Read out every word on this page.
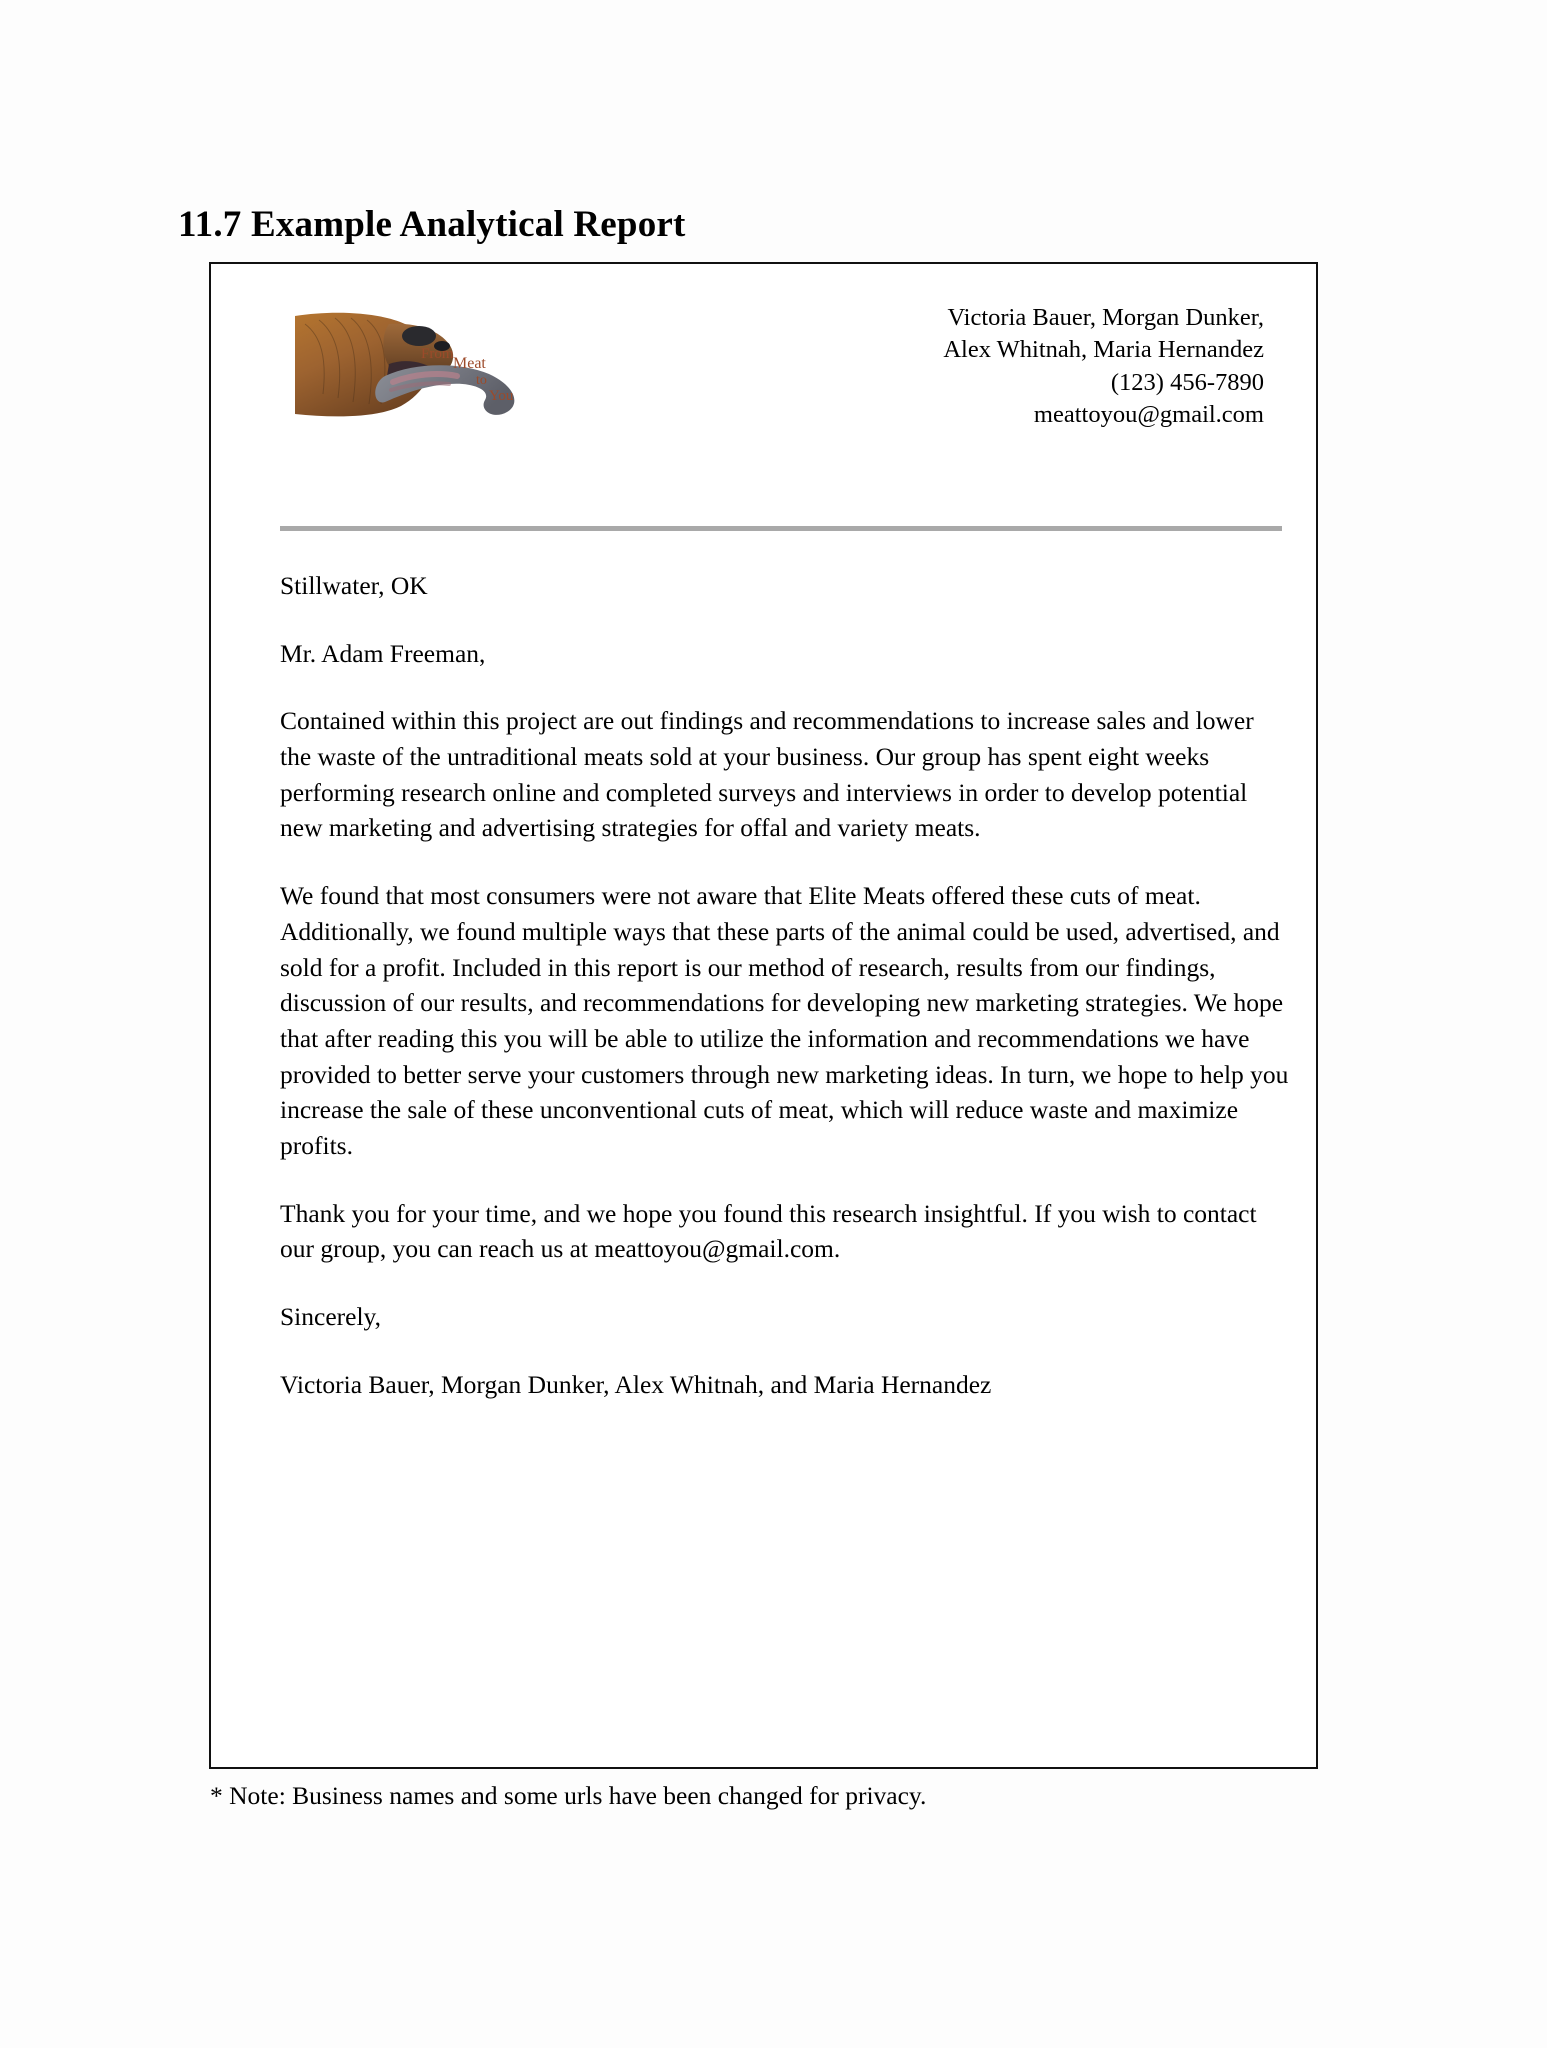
11.7 Example Analytical Report
From
Meat
to
You
Victoria Bauer, Morgan Dunker,
Alex Whitnah, Maria Hernandez
(123) 456-7890
meattoyou@gmail.com

Stillwater, OK

Mr. Adam Freeman,

Contained within this project are out findings and recommendations to increase sales and lower the waste of the untraditional meats sold at your business. Our group has spent eight weeks performing research online and completed surveys and interviews in order to develop potential new marketing and advertising strategies for offal and variety meats.

We found that most consumers were not aware that Elite Meats offered these cuts of meat. Additionally, we found multiple ways that these parts of the animal could be used, advertised, and sold for a profit. Included in this report is our method of research, results from our findings, discussion of our results, and recommendations for developing new marketing strategies. We hope that after reading this you will be able to utilize the information and recommendations we have provided to better serve your customers through new marketing ideas. In turn, we hope to help you increase the sale of these unconventional cuts of meat, which will reduce waste and maximize profits.

Thank you for your time, and we hope you found this research insightful. If you wish to contact our group, you can reach us at meattoyou@gmail.com.

Sincerely,

Victoria Bauer, Morgan Dunker, Alex Whitnah, and Maria Hernandez

* Note: Business names and some urls have been changed for privacy.
